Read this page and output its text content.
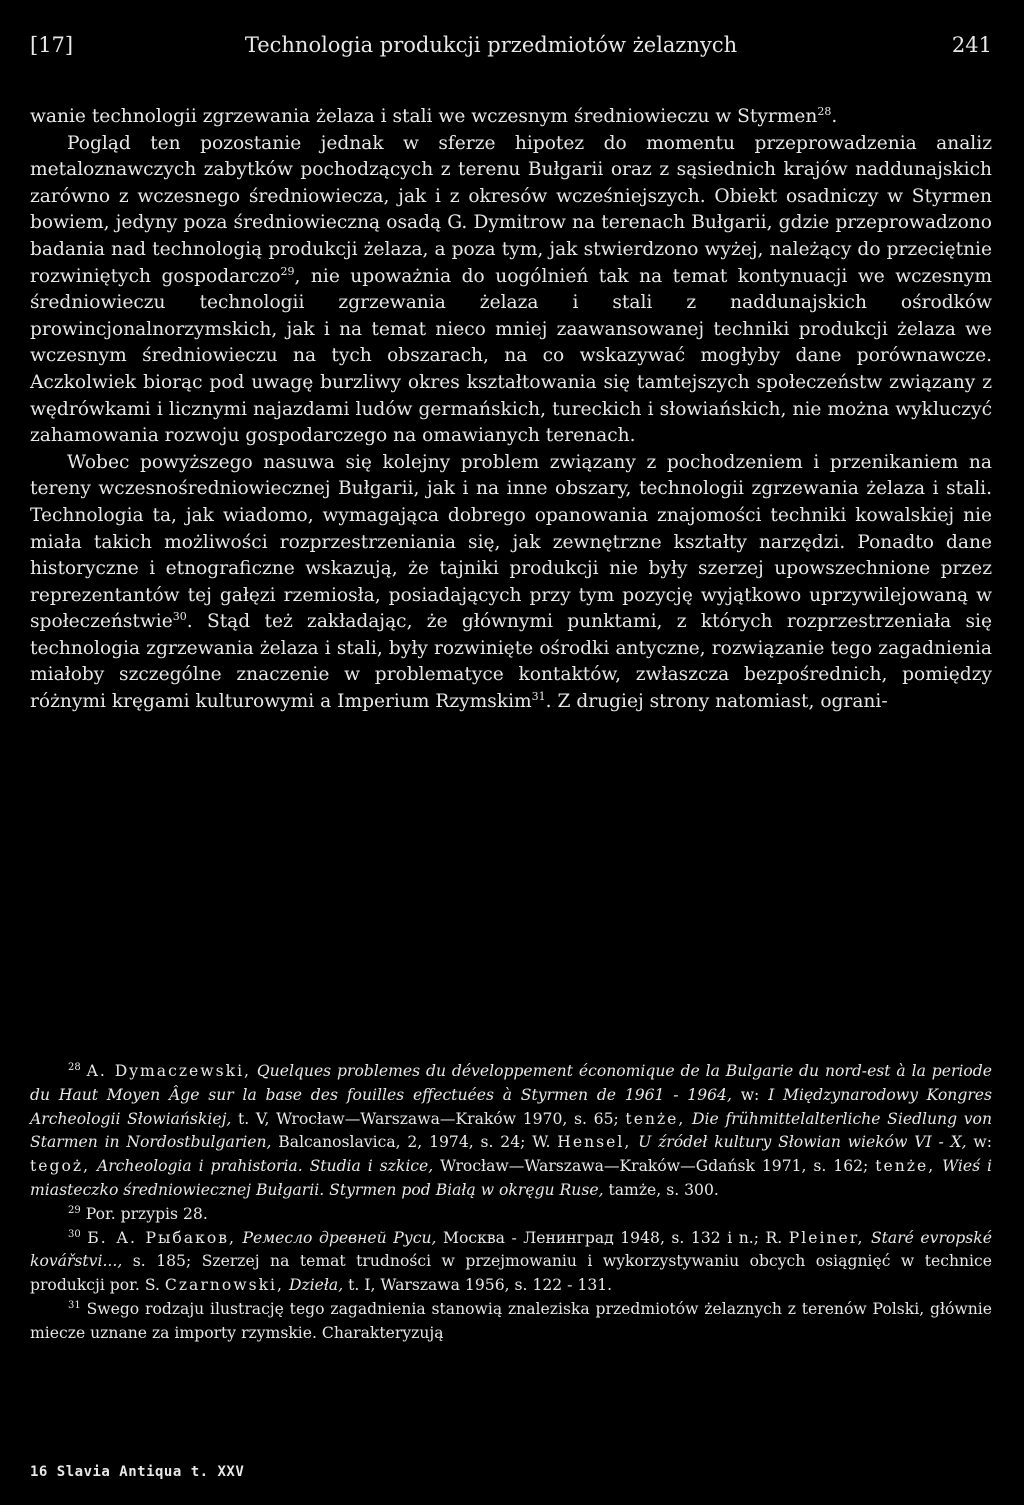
[17]	Technologia produkcji przedmiotów żelaznych	241

wanie technologii zgrzewania żelaza i stali we wczesnym średniowieczu w Styrmen$^{28}$.

Pogląd ten pozostanie jednak w sferze hipotez do momentu przeprowadzenia analiz metaloznawczych zabytków pochodzących z terenu Bułgarii oraz z sąsiednich krajów naddunajskich zarówno z wczesnego średniowiecza, jak i z okresów wcześniejszych. Obiekt osadniczy w Styrmen bowiem, jedyny poza średniowieczną osadą G. Dymitrow na terenach Bułgarii, gdzie przeprowadzono badania nad technologią produkcji żelaza, a poza tym, jak stwierdzono wyżej, należący do przeciętnie rozwiniętych gospodarczo$^{29}$, nie upoważnia do uogólnień tak na temat kontynuacji we wczesnym średniowieczu technologii zgrzewania żelaza i stali z naddunajskich ośrodków prowincjonalnorzymskich, jak i na temat nieco mniej zaawansowanej techniki produkcji żelaza we wczesnym średniowieczu na tych obszarach, na co wskazywać mogłyby dane porównawcze. Aczkolwiek biorąc pod uwagę burzliwy okres kształtowania się tamtejszych społeczeństw związany z wędrówkami i licznymi najazdami ludów germańskich, tureckich i słowiańskich, nie można wykluczyć zahamowania rozwoju gospodarczego na omawianych terenach.

Wobec powyższego nasuwa się kolejny problem związany z pochodzeniem i przenikaniem na tereny wczesnośredniowiecznej Bułgarii, jak i na inne obszary, technologii zgrzewania żelaza i stali. Technologia ta, jak wiadomo, wymagająca dobrego opanowania znajomości techniki kowalskiej nie miała takich możliwości rozprzestrzeniania się, jak zewnętrzne kształty narzędzi. Ponadto dane historyczne i etnograficzne wskazują, że tajniki produkcji nie były szerzej upowszechnione przez reprezentantów tej gałęzi rzemiosła, posiadających przy tym pozycję wyjątkowo uprzywilejowaną w społeczeństwie$^{30}$. Stąd też zakładając, że głównymi punktami, z których rozprzestrzeniała się technologia zgrzewania żelaza i stali, były rozwinięte ośrodki antyczne, rozwiązanie tego zagadnienia miałoby szczególne znaczenie w problematyce kontaktów, zwłaszcza bezpośrednich, pomiędzy różnymi kręgami kulturowymi a Imperium Rzymskim$^{31}$. Z drugiej strony natomiast, ograni-

$^{28}$ A. Dymaczewski, Quelques problemes du développement économique de la Bulgarie du nord-est à la periode du Haut Moyen Âge sur la base des fouilles effectuées à Styrmen de 1961 - 1964, w: I Międzynarodowy Kongres Archeologii Słowiańskiej, t. V, Wrocław—Warszawa—Kraków 1970, s. 65; tenże, Die frühmittelalterliche Siedlung von Starmen in Nordostbulgarien, Balcanoslavica, 2, 1974, s. 24; W. Hensel, U źródeł kultury Słowian wieków VI - X, w: tegoż, Archeologia i prahistoria. Studia i szkice, Wrocław—Warszawa—Kraków—Gdańsk 1971, s. 162; tenże, Wieś i miasteczko średniowiecznej Bułgarii. Styrmen pod Białą w okręgu Ruse, tamże, s. 300.

$^{29}$ Por. przypis 28.

$^{30}$ Б. А. Рыбаков, Ремесло древней Руси, Москва - Ленинград 1948, s. 132 i n.; R. Pleiner, Staré evropské kovářstvi..., s. 185; Szerzej na temat trudności w przejmowaniu i wykorzystywaniu obcych osiągnięć w technice produkcji por. S. Czarnowski, Dzieła, t. I, Warszawa 1956, s. 122 - 131.

$^{31}$ Swego rodzaju ilustrację tego zagadnienia stanowią znaleziska przedmiotów żelaznych z terenów Polski, głównie miecze uznane za importy rzymskie. Charakteryzują

16 Slavia Antiqua t. XXV
